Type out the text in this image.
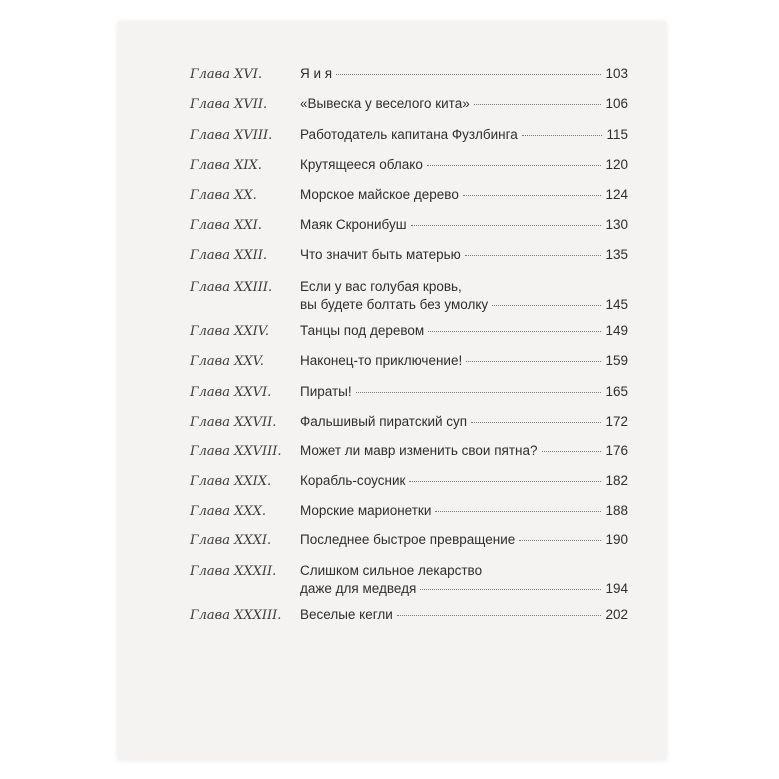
Глава XVI.	Я и я	103
Глава XVII. «Вывеска у веселого кита»	106
Глава XVIII. Работодатель капитана Фузлбинга	115
Глава XIX.	Крутящееся облако	120
Глава XX.	Морское майское дерево	124
Глава XXI.	Маяк Скронибуш	130
Глава XXII. Что значит быть матерью	135
Глава XXIII. Если у вас голубая кровь,
вы будете болтать без умолку	145
Глава XXIV. Танцы под деревом	149
Глава XXV.	Наконец-то приключение!	159
Глава XXVI. Пираты!	165
Глава XXVII. Фальшивый пиратский суп	172
Глава XXVIII. Может ли мавр изменить свои пятна?	176
Глава XXIX. Корабль-соусник	182
Глава XXX.	Морские марионетки	188
Глава XXXI. Последнее быстрое превращение	190
Глава XXXII. Слишком сильное лекарство
даже для медведя	194
Глава XXXIII. Веселые кегли	202
